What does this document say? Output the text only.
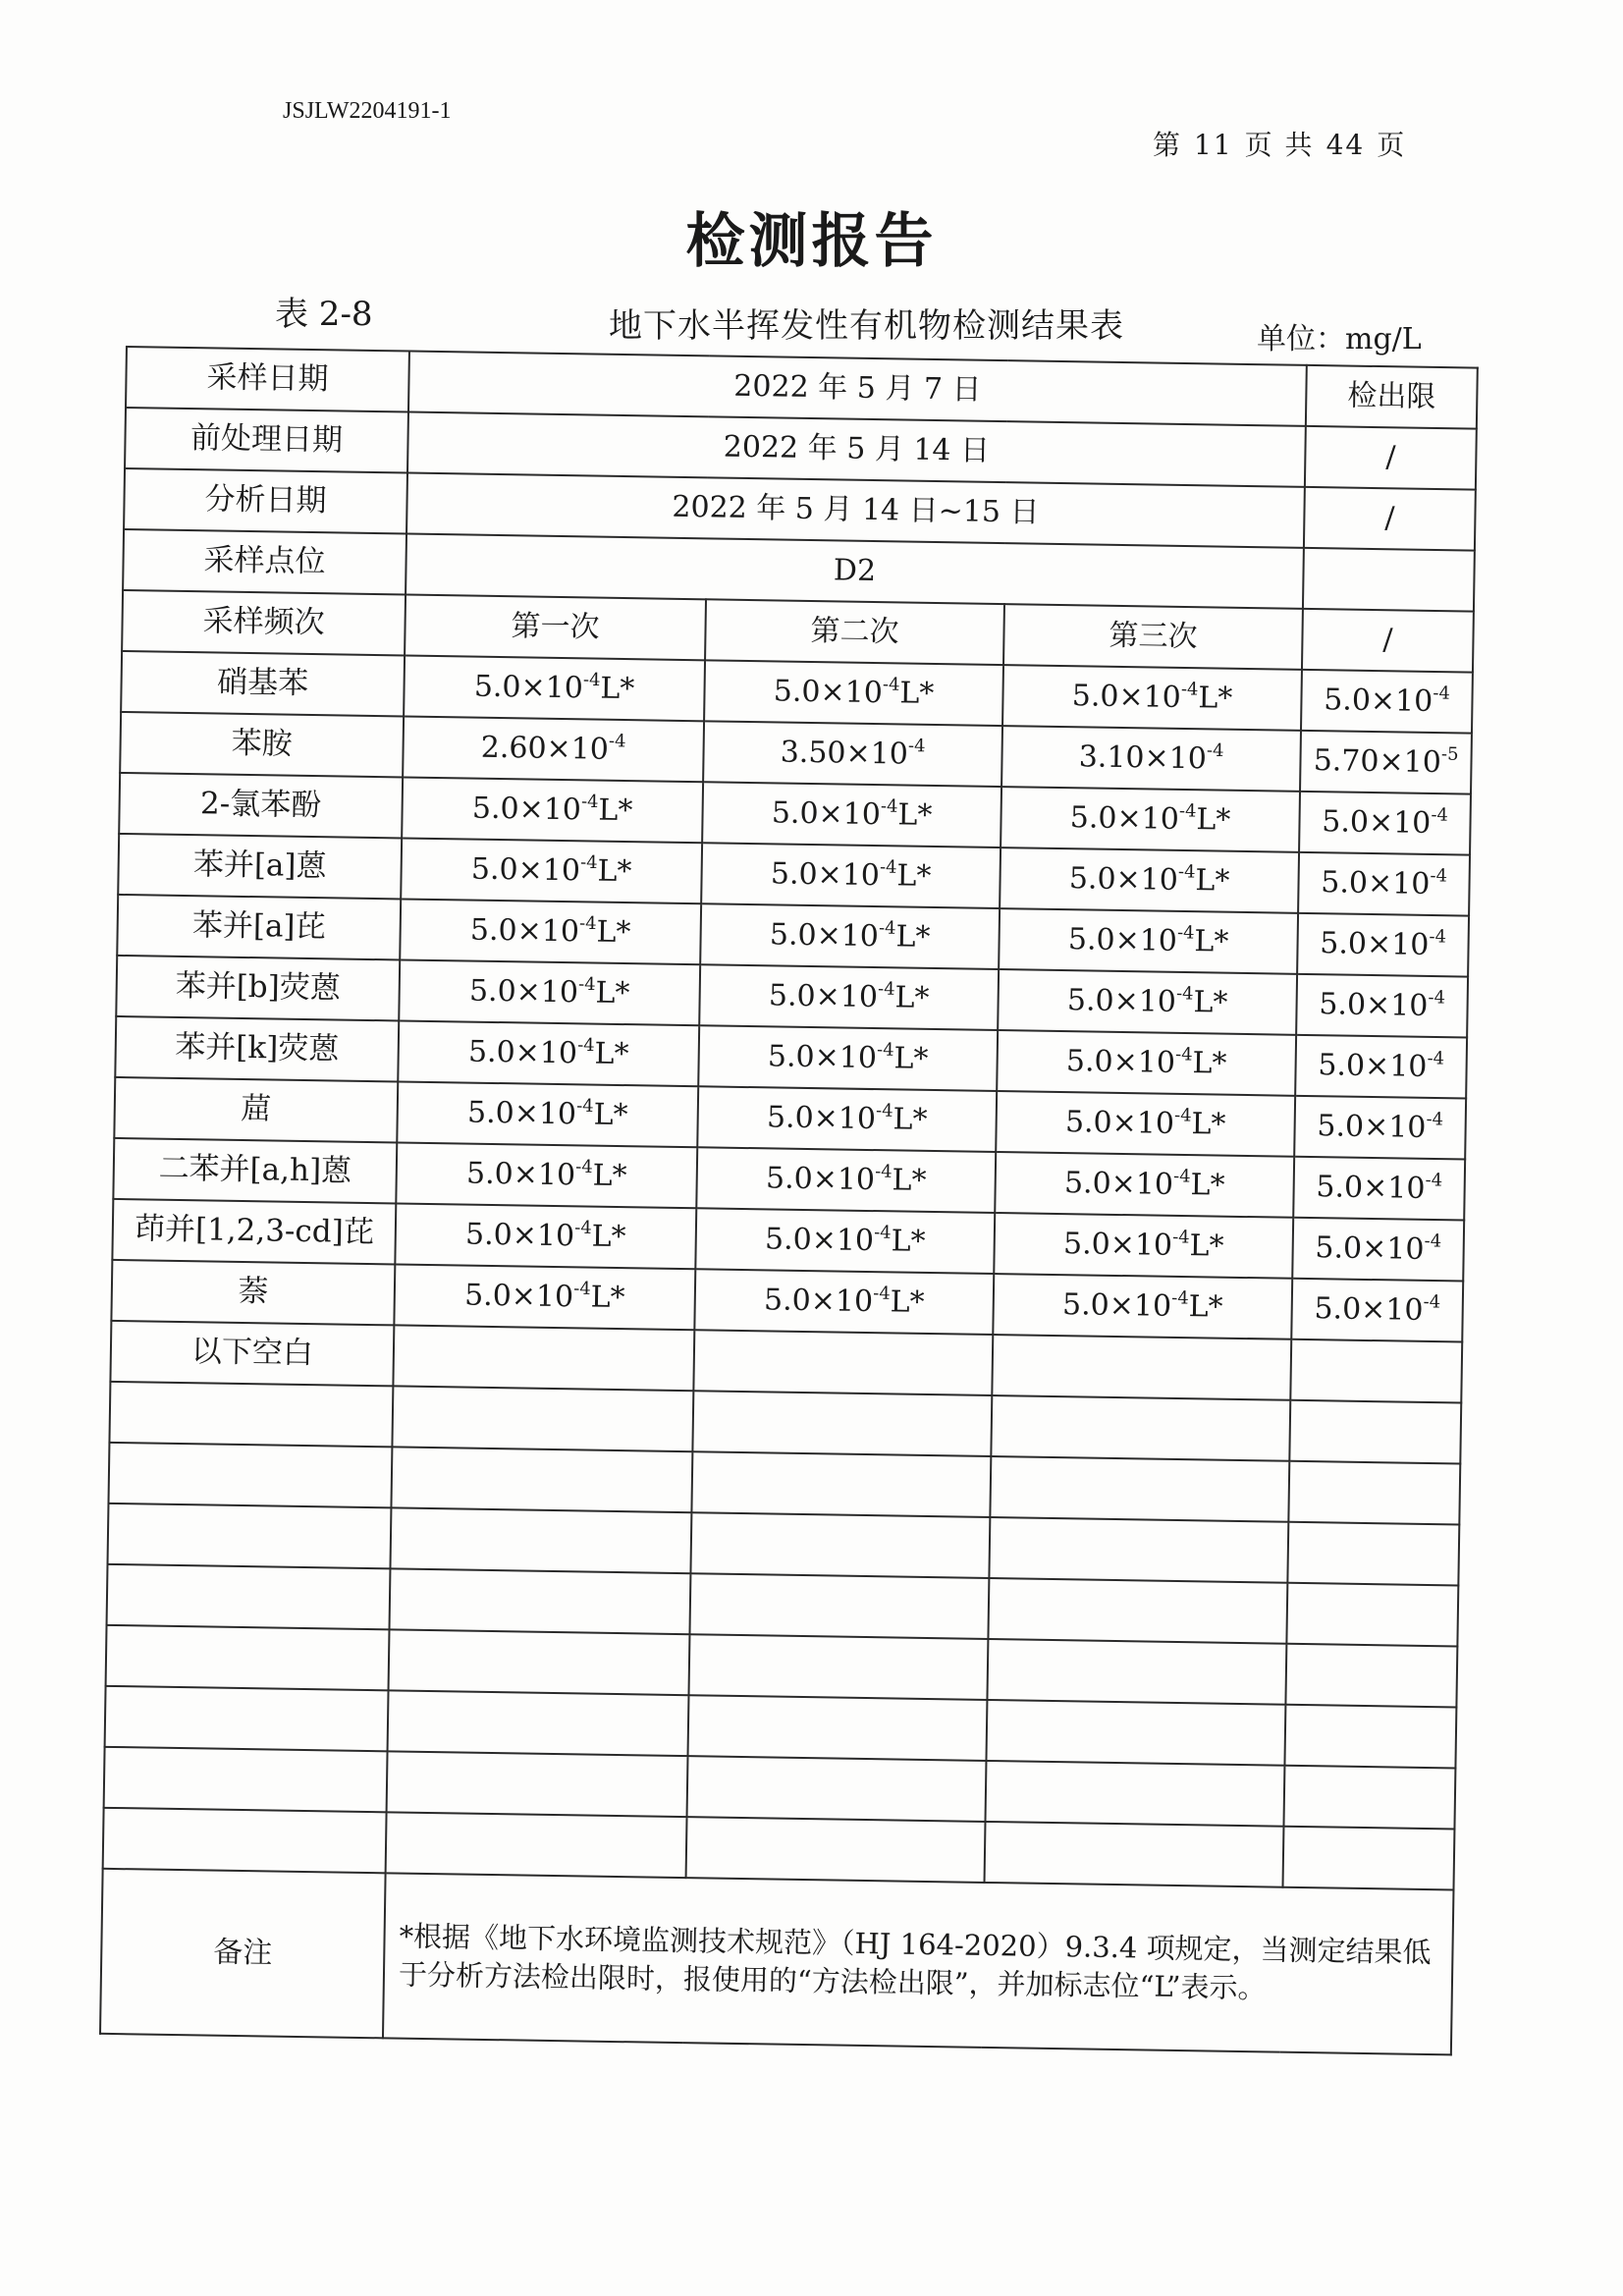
JSJLW2204191-1
第 11 页 共 44 页
检测报告
表 2-8	地下水半挥发性有机物检测结果表	单位：mg/L
采样日期	2022 年 5 月 7 日			检出限
前处理日期	2022 年 5 月 14 日			/
分析日期	2022 年 5 月 14 日~15 日			/
采样点位	D2			
采样频次	第一次	第二次	第三次	/
硝基苯	$5.0\times 10^{-4}L*$	$5.0\times 10^{-4}L*$	$5.0\times 10^{-4}L*$	$5.0\times 10^{-4}$
苯胺	$2.60\times 10^{-4}$	$3.50\times 10^{-4}$	$3.10\times 10^{-4}$	$5.70\times 10^{-5}$
2-氯苯酚	$5.0\times 10^{-4}L*$	$5.0\times 10^{-4}L*$	$5.0\times 10^{-4}L*$	$5.0\times 10^{-4}$
苯并[a]蒽	$5.0\times 10^{-4}L*$	$5.0\times 10^{-4}L*$	$5.0\times 10^{-4}L*$	$5.0\times 10^{-4}$
苯并[a]芘	$5.0\times 10^{-4}L*$	$5.0\times 10^{-4}L*$	$5.0\times 10^{-4}L*$	$5.0\times 10^{-4}$
苯并[b]荧蒽	$5.0\times 10^{-4}L*$	$5.0\times 10^{-4}L*$	$5.0\times 10^{-4}L*$	$5.0\times 10^{-4}$
苯并[k]荧蒽	$5.0\times 10^{-4}L*$	$5.0\times 10^{-4}L*$	$5.0\times 10^{-4}L*$	$5.0\times 10^{-4}$
䓛	$5.0\times 10^{-4}L*$	$5.0\times 10^{-4}L*$	$5.0\times 10^{-4}L*$	$5.0\times 10^{-4}$
二苯并[a,h]蒽	$5.0\times 10^{-4}L*$	$5.0\times 10^{-4}L*$	$5.0\times 10^{-4}L*$	$5.0\times 10^{-4}$
茚并[1,2,3-cd]芘	$5.0\times 10^{-4}L*$	$5.0\times 10^{-4}L*$	$5.0\times 10^{-4}L*$	$5.0\times 10^{-4}$
萘	$5.0\times 10^{-4}L*$	$5.0\times 10^{-4}L*$	$5.0\times 10^{-4}L*$	$5.0\times 10^{-4}$
以下空白				

备注	*根据《地下水环境监测技术规范》（HJ 164-2020）9.3.4 项规定，当测定结果低于分析方法检出限时，报使用的“方法检出限”，并加标志位“L”表示。			
